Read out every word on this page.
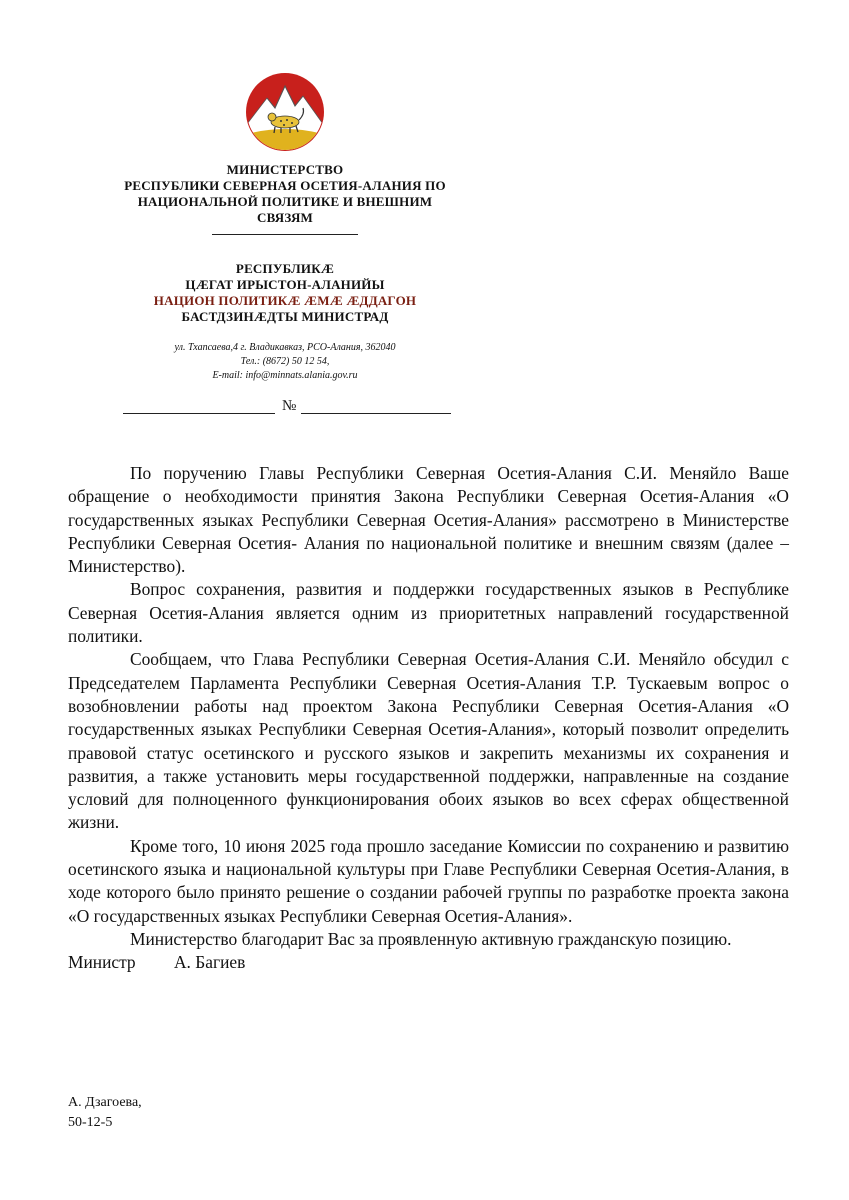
МИНИСТЕРСТВО
РЕСПУБЛИКИ СЕВЕРНАЯ ОСЕТИЯ-АЛАНИЯ ПО
НАЦИОНАЛЬНОЙ ПОЛИТИКЕ И ВНЕШНИМ
СВЯЗЯМ
РЕСПУБЛИКÆ
ЦÆГАТ ИРЫСТОН-АЛАНИЙЫ
НАЦИОН ПОЛИТИКÆ ÆМÆ ÆДДАГОН
БАСТДЗИНÆДТЫ МИНИСТРАД
ул. Тхапсаева,4 г. Владикавказ, РСО-Алания, 362040
Тел.: (8672) 50 12 54,
E-mail: info@minnats.alania.gov.ru
№

По поручению Главы Республики Северная Осетия-Алания С.И. Меняйло Ваше обращение о необходимости принятия Закона Республики Северная Осетия-Алания «О государственных языках Республики Северная Осетия-Алания» рассмотрено в Министерстве Республики Северная Осетия- Алания по национальной политике и внешним связям (далее – Министерство).

Вопрос сохранения, развития и поддержки государственных языков в Республике Северная Осетия-Алания является одним из приоритетных направлений государственной политики.

Сообщаем, что Глава Республики Северная Осетия-Алания С.И. Меняйло обсудил с Председателем Парламента Республики Северная Осетия-Алания Т.Р. Тускаевым вопрос о возобновлении работы над проектом Закона Республики Северная Осетия-Алания «О государственных языках Республики Северная Осетия-Алания», который позволит определить правовой статус осетинского и русского языков и закрепить механизмы их сохранения и развития, а также установить меры государственной поддержки, направленные на создание условий для полноценного функционирования обоих языков во всех сферах общественной жизни.

Кроме того, 10 июня 2025 года прошло заседание Комиссии по сохранению и развитию осетинского языка и национальной культуры при Главе Республики Северная Осетия-Алания, в ходе которого было принято решение о создании рабочей группы по разработке проекта закона «О государственных языках Республики Северная Осетия-Алания».

Министерство благодарит Вас за проявленную активную гражданскую позицию.

Министр А. Багиев
А. Дзагоева,
50-12-5
